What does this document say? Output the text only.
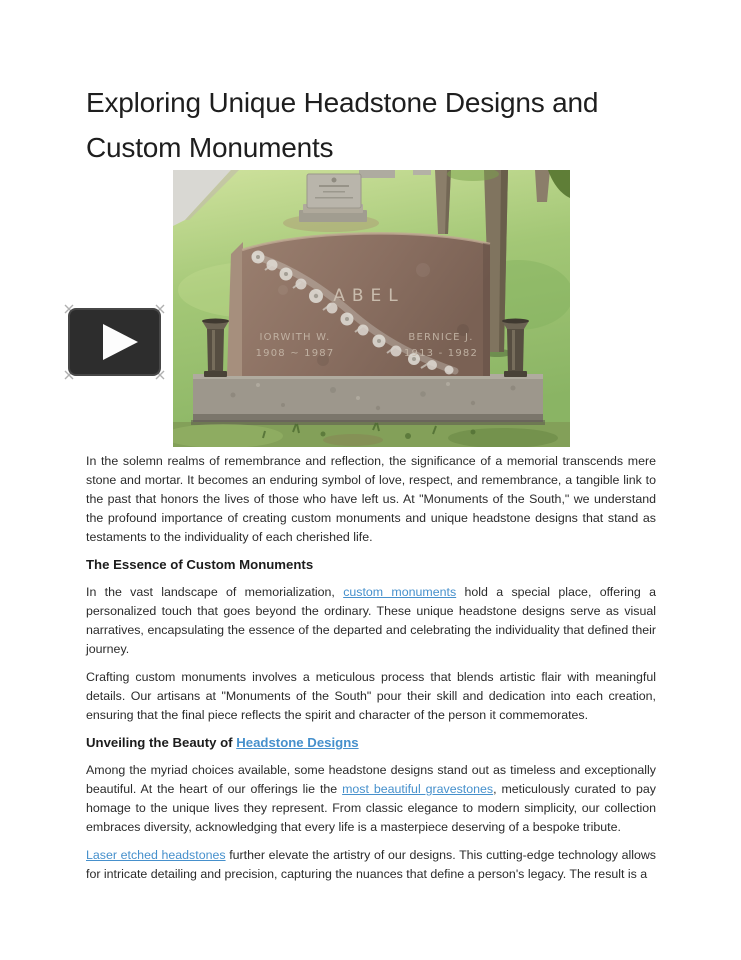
Exploring Unique Headstone Designs and Custom Monuments
ABEL
IORWITH W.
1908 ~ 1987
BERNICE J.
1913 - 1982

In the solemn realms of remembrance and reflection, the significance of a memorial transcends mere stone and mortar. It becomes an enduring symbol of love, respect, and remembrance, a tangible link to the past that honors the lives of those who have left us. At "Monuments of the South," we understand the profound importance of creating custom monuments and unique headstone designs that stand as testaments to the individuality of each cherished life.

The Essence of Custom Monuments

In the vast landscape of memorialization, custom monuments hold a special place, offering a personalized touch that goes beyond the ordinary. These unique headstone designs serve as visual narratives, encapsulating the essence of the departed and celebrating the individuality that defined their journey.

Crafting custom monuments involves a meticulous process that blends artistic flair with meaningful details. Our artisans at "Monuments of the South" pour their skill and dedication into each creation, ensuring that the final piece reflects the spirit and character of the person it commemorates.

Unveiling the Beauty of Headstone Designs

Among the myriad choices available, some headstone designs stand out as timeless and exceptionally beautiful. At the heart of our offerings lie the most beautiful gravestones, meticulously curated to pay homage to the unique lives they represent. From classic elegance to modern simplicity, our collection embraces diversity, acknowledging that every life is a masterpiece deserving of a bespoke tribute.

Laser etched headstones further elevate the artistry of our designs. This cutting-edge technology allows for intricate detailing and precision, capturing the nuances that define a person's legacy. The result is a
